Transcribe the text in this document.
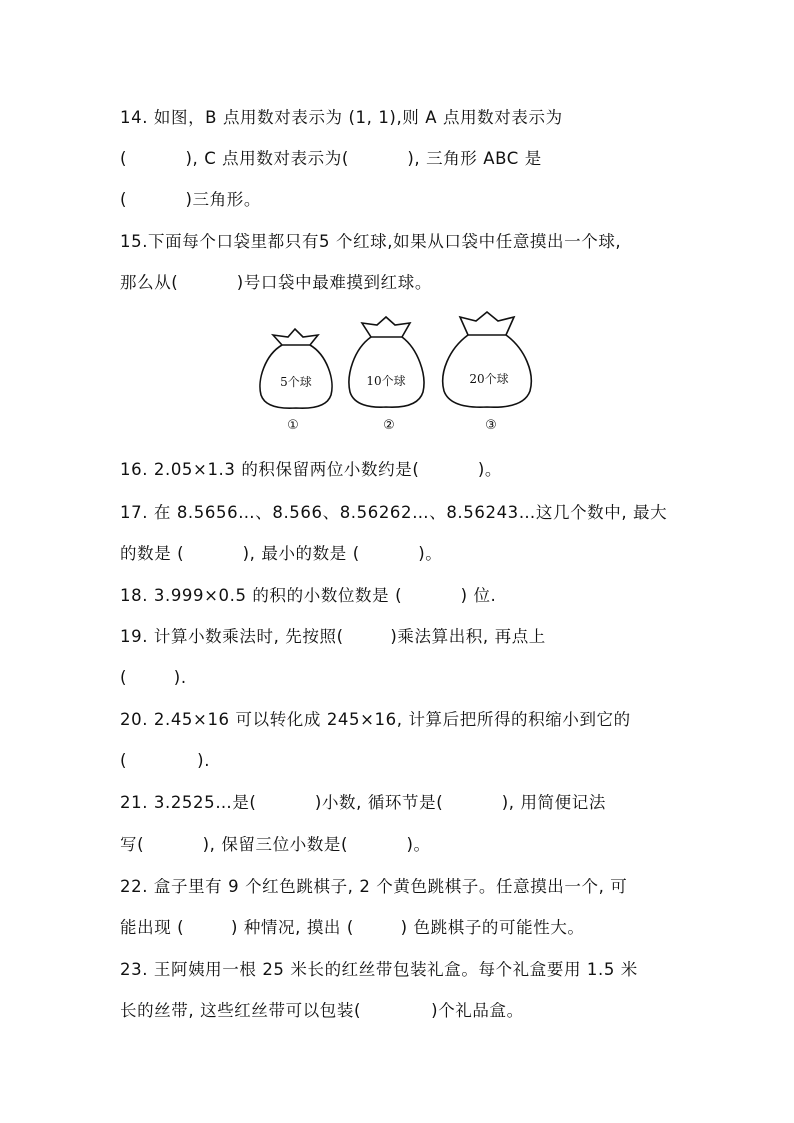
14. 如图，B 点用数对表示为 (1, 1),则 A 点用数对表示为
(          ), C 点用数对表示为(          ), 三角形 ABC 是
(          )三角形。
15.下面每个口袋里都只有5 个红球,如果从口袋中任意摸出一个球,
那么从(          )号口袋中最难摸到红球。
5个球
①
10个球
②
20个球
③
16. 2.05×1.3 的积保留两位小数约是(          )。
17. 在 8.5656…、8.566、8.56262…、8.56243…这几个数中, 最大
的数是 (          ), 最小的数是 (          )。
18. 3.999×0.5 的积的小数位数是 (          ) 位.
19. 计算小数乘法时, 先按照(        )乘法算出积, 再点上
(        ).
20. 2.45×16 可以转化成 245×16, 计算后把所得的积缩小到它的
(            ).
21. 3.2525…是(          )小数, 循环节是(          ), 用简便记法
写(          ), 保留三位小数是(          )。
22. 盒子里有 9 个红色跳棋子, 2 个黄色跳棋子。任意摸出一个, 可
能出现 (        ) 种情况, 摸出 (        ) 色跳棋子的可能性大。
23. 王阿姨用一根 25 米长的红丝带包装礼盒。每个礼盒要用 1.5 米
长的丝带, 这些红丝带可以包装(            )个礼品盒。
